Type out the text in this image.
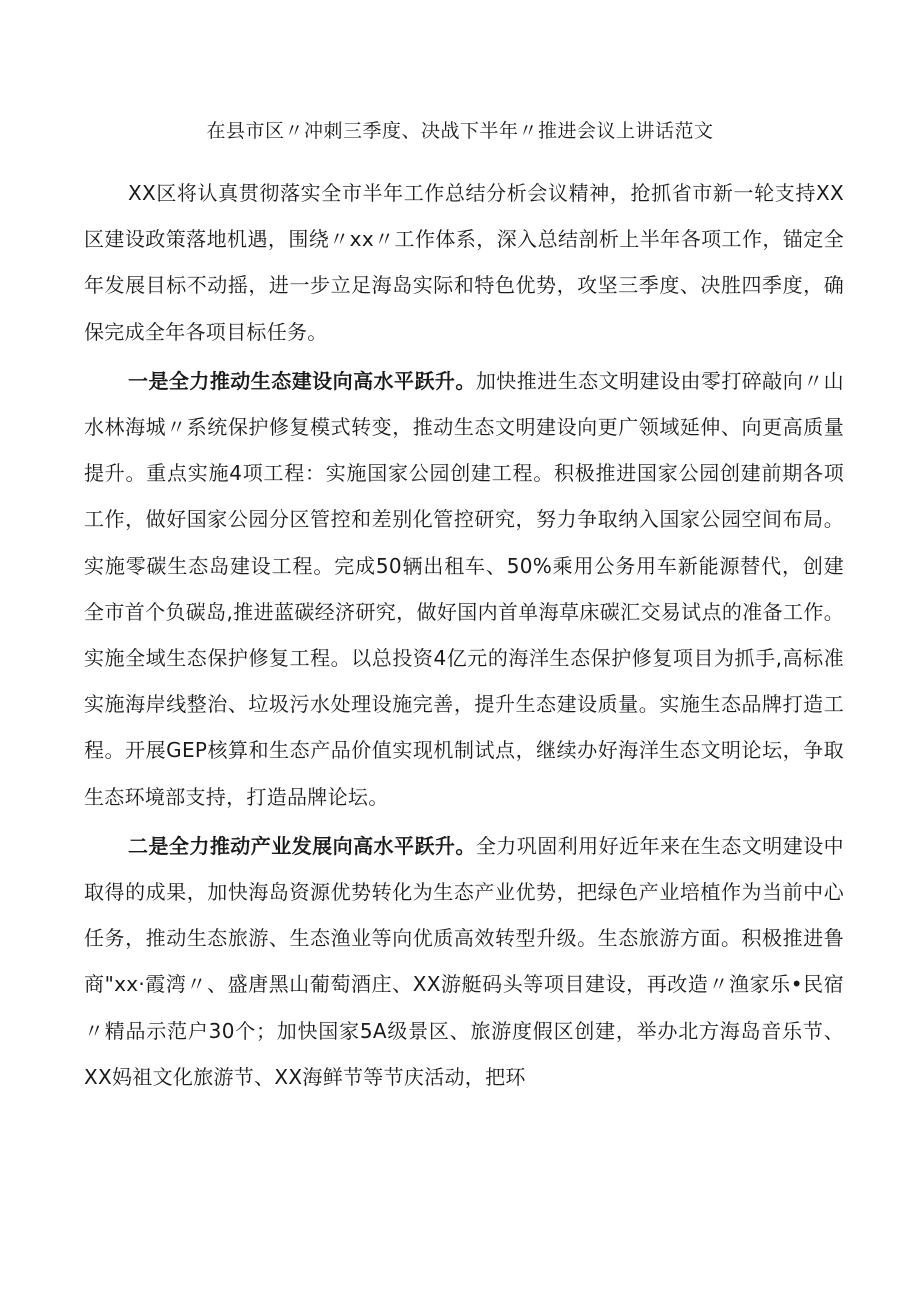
在县市区〃冲刺三季度、决战下半年〃推进会议上讲话范文

XX区将认真贯彻落实全市半年工作总结分析会议精神，抢抓省市新一轮支持XX区建设政策落地机遇，围绕〃xx〃工作体系，深入总结剖析上半年各项工作，锚定全年发展目标不动摇，进一步立足海岛实际和特色优势，攻坚三季度、决胜四季度，确保完成全年各项目标任务。

一是全力推动生态建设向高水平跃升。加快推进生态文明建设由零打碎敲向〃山水林海城〃系统保护修复模式转变，推动生态文明建设向更广领域延伸、向更高质量提升。重点实施4项工程：实施国家公园创建工程。积极推进国家公园创建前期各项工作，做好国家公园分区管控和差别化管控研究，努力争取纳入国家公园空间布局。实施零碳生态岛建设工程。完成50辆出租车、50%乘用公务用车新能源替代，创建全市首个负碳岛,推进蓝碳经济研究，做好国内首单海草床碳汇交易试点的准备工作。实施全域生态保护修复工程。以总投资4亿元的海洋生态保护修复项目为抓手,高标准实施海岸线整治、垃圾污水处理设施完善，提升生态建设质量。实施生态品牌打造工程。开展GEP核算和生态产品价值实现机制试点，继续办好海洋生态文明论坛，争取生态环境部支持，打造品牌论坛。

二是全力推动产业发展向高水平跃升。全力巩固利用好近年来在生态文明建设中取得的成果，加快海岛资源优势转化为生态产业优势，把绿色产业培植作为当前中心任务，推动生态旅游、生态渔业等向优质高效转型升级。生态旅游方面。积极推进鲁商"xx·霞湾〃、盛唐黑山葡萄酒庄、XX游艇码头等项目建设，再改造〃渔家乐•民宿〃精品示范户30个；加快国家5A级景区、旅游度假区创建，举办北方海岛音乐节、XX妈祖文化旅游节、XX海鲜节等节庆活动，把环
